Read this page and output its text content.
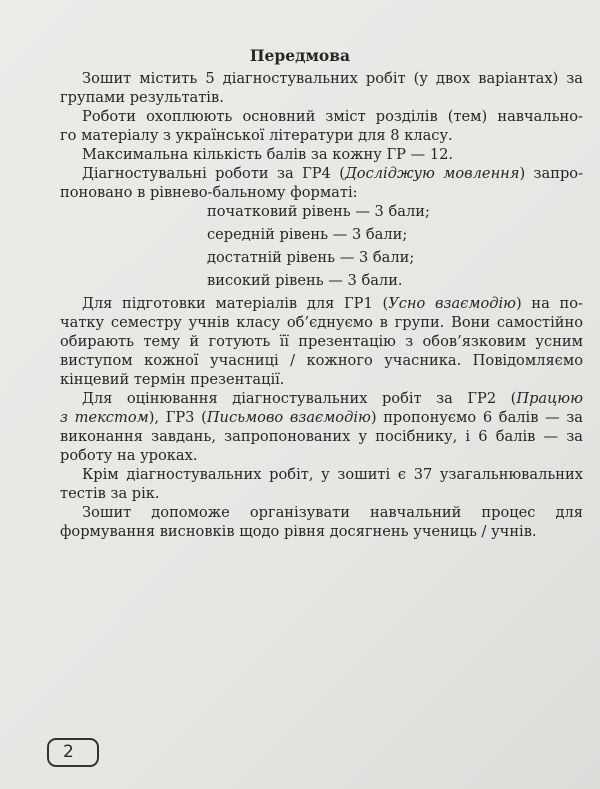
Передмова
Зошит містить 5 діагностувальних робіт (у двох варіантах) за
групами результатів.
Роботи охоплюють основний зміст розділів (тем) навчально-
го матеріалу з української літератури для 8 класу.
Максимальна кількість балів за кожну ГР — 12.
Діагностувальні роботи за ГР4 (Досліджую мовлення) запро-
поновано в рівнево-бальному форматі:
початковий рівень — 3 бали;
середній рівень — 3 бали;
достатній рівень — 3 бали;
високий рівень — 3 бали.
Для підготовки матеріалів для ГР1 (Усно взаємодію) на по-
чатку семестру учнів класу об’єднуємо в групи. Вони самостійно
обирають тему й готують її презентацію з обов’язковим усним
виступом кожної учасниці / кожного учасника. Повідомляємо
кінцевий термін презентації.
Для оцінювання діагностувальних робіт за ГР2 (Працюю
з текстом), ГР3 (Письмово взаємодію) пропонуємо 6 балів — за
виконання завдань, запропонованих у посібнику, і 6 балів — за
роботу на уроках.
Крім діагностувальних робіт, у зошиті є 37 узагальнювальних
тестів за рік.
Зошит допоможе організувати навчальний процес для
формування висновків щодо рівня досягнень учениць / учнів.
2
